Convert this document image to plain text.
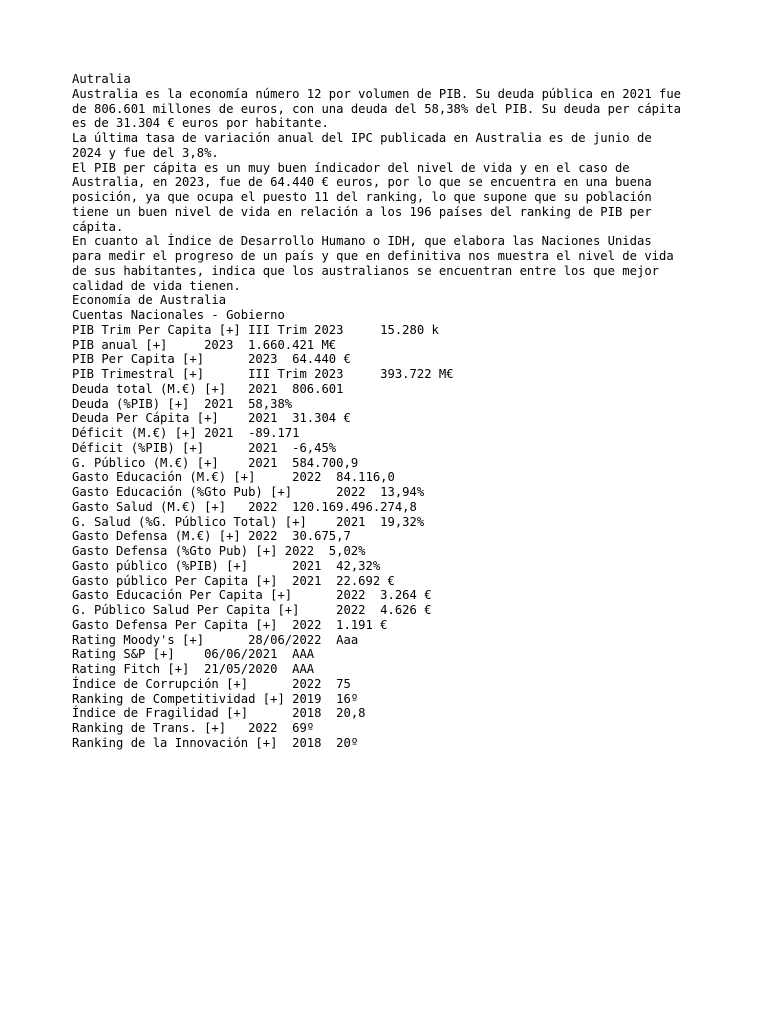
Autralia
Australia es la economía número 12 por volumen de PIB. Su deuda pública en 2021 fue
de 806.601 millones de euros, con una deuda del 58,38% del PIB. Su deuda per cápita
es de 31.304 € euros por habitante.
La última tasa de variación anual del IPC publicada en Australia es de junio de
2024 y fue del 3,8%.
El PIB per cápita es un muy buen índicador del nivel de vida y en el caso de
Australia, en 2023, fue de 64.440 € euros, por lo que se encuentra en una buena
posición, ya que ocupa el puesto 11 del ranking, lo que supone que su población
tiene un buen nivel de vida en relación a los 196 países del ranking de PIB per
cápita.
En cuanto al Índice de Desarrollo Humano o IDH, que elabora las Naciones Unidas
para medir el progreso de un país y que en definitiva nos muestra el nivel de vida
de sus habitantes, indica que los australianos se encuentran entre los que mejor
calidad de vida tienen.
Economía de Australia
Cuentas Nacionales - Gobierno
PIB Trim Per Capita [+] III Trim 2023     15.280 k
PIB anual [+]     2023  1.660.421 M€
PIB Per Capita [+]      2023  64.440 €
PIB Trimestral [+]      III Trim 2023     393.722 M€
Deuda total (M.€) [+]   2021  806.601
Deuda (%PIB) [+]  2021  58,38%
Deuda Per Cápita [+]    2021  31.304 €
Déficit (M.€) [+] 2021  -89.171
Déficit (%PIB) [+]      2021  -6,45%
G. Público (M.€) [+]    2021  584.700,9
Gasto Educación (M.€) [+]     2022  84.116,0
Gasto Educación (%Gto Pub) [+]      2022  13,94%
Gasto Salud (M.€) [+]   2022  120.169.496.274,8
G. Salud (%G. Público Total) [+]    2021  19,32%
Gasto Defensa (M.€) [+] 2022  30.675,7
Gasto Defensa (%Gto Pub) [+] 2022  5,02%
Gasto público (%PIB) [+]      2021  42,32%
Gasto público Per Capita [+]  2021  22.692 €
Gasto Educación Per Capita [+]      2022  3.264 €
G. Público Salud Per Capita [+]     2022  4.626 €
Gasto Defensa Per Capita [+]  2022  1.191 €
Rating Moody's [+]      28/06/2022  Aaa
Rating S&P [+]    06/06/2021  AAA
Rating Fitch [+]  21/05/2020  AAA
Índice de Corrupción [+]      2022  75
Ranking de Competitividad [+] 2019  16º
Índice de Fragilidad [+]      2018  20,8
Ranking de Trans. [+]   2022  69º
Ranking de la Innovación [+]  2018  20º
